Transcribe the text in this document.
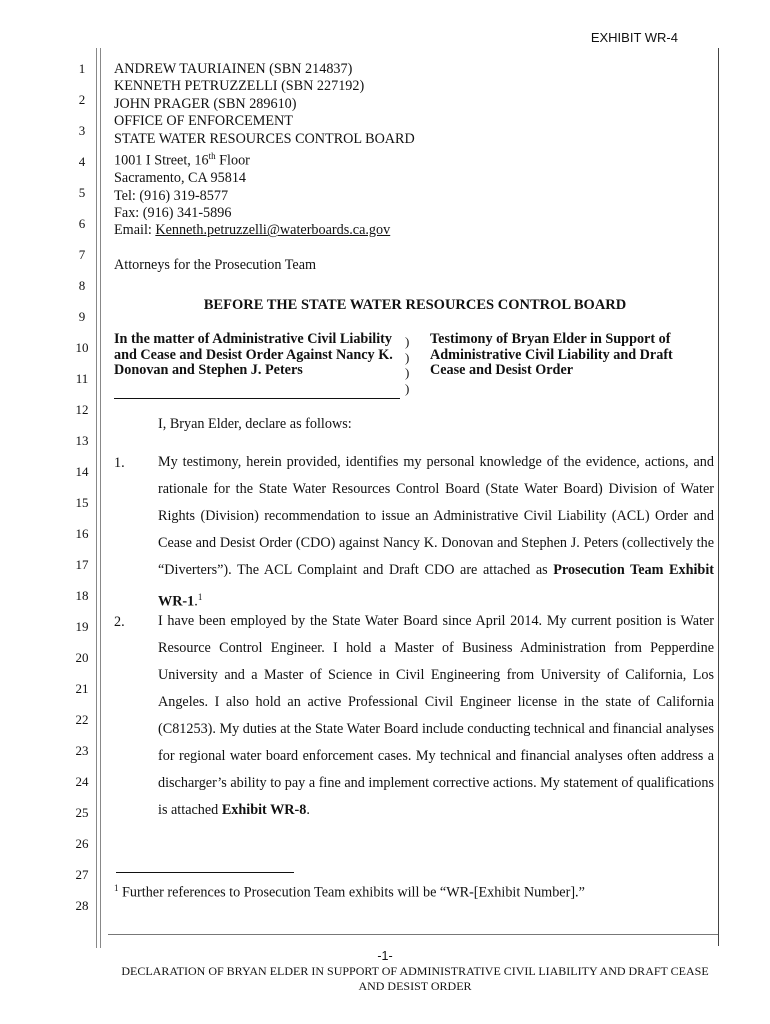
EXHIBIT WR-4
1
2
3
4
5
6
7
8
9
10
11
12
13
14
15
16
17
18
19
20
21
22
23
24
25
26
27
28
ANDREW TAURIAINEN (SBN 214837)
KENNETH PETRUZZELLI (SBN 227192)
JOHN PRAGER (SBN 289610)
OFFICE OF ENFORCEMENT
STATE WATER RESOURCES CONTROL BOARD
1001 I Street, 16th Floor
Sacramento, CA 95814
Tel: (916) 319-8577
Fax: (916) 341-5896
Email: Kenneth.petruzzelli@waterboards.ca.gov
Attorneys for the Prosecution Team
BEFORE THE STATE WATER RESOURCES CONTROL BOARD
In the matter of Administrative Civil Liability and Cease and Desist Order Against Nancy K. Donovan and Stephen J. Peters
)
)
)
)
Testimony of Bryan Elder in Support of Administrative Civil Liability and Draft Cease and Desist Order
I, Bryan Elder, declare as follows:
1. My testimony, herein provided, identifies my personal knowledge of the evidence, actions, and rationale for the State Water Resources Control Board (State Water Board) Division of Water Rights (Division) recommendation to issue an Administrative Civil Liability (ACL) Order and Cease and Desist Order (CDO) against Nancy K. Donovan and Stephen J. Peters (collectively the “Diverters”). The ACL Complaint and Draft CDO are attached as Prosecution Team Exhibit WR-1.$^1$
2. I have been employed by the State Water Board since April 2014. My current position is Water Resource Control Engineer. I hold a Master of Business Administration from Pepperdine University and a Master of Science in Civil Engineering from University of California, Los Angeles. I also hold an active Professional Civil Engineer license in the state of California (C81253). My duties at the State Water Board include conducting technical and financial analyses for regional water board enforcement cases. My technical and financial analyses often address a discharger’s ability to pay a fine and implement corrective actions. My statement of qualifications is attached Exhibit WR-8.
$^1$ Further references to Prosecution Team exhibits will be “WR-[Exhibit Number].”
-1-
DECLARATION OF BRYAN ELDER IN SUPPORT OF ADMINISTRATIVE CIVIL LIABILITY AND DRAFT CEASE AND DESIST ORDER
